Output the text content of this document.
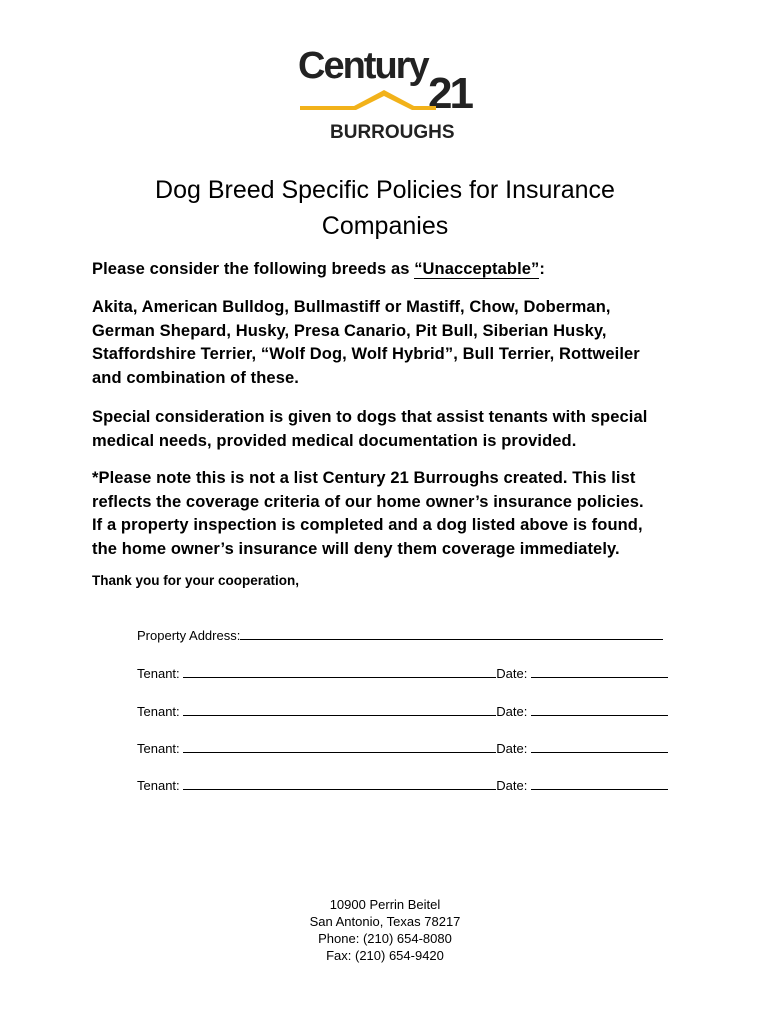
Century
21
BURROUGHS
Dog Breed Specific Policies for Insurance
Companies
Please consider the following breeds as “Unacceptable”:
Akita, American Bulldog, Bullmastiff or Mastiff, Chow, Doberman,
German Shepard, Husky, Presa Canario, Pit Bull, Siberian Husky,
Staffordshire Terrier, “Wolf Dog, Wolf Hybrid”, Bull Terrier, Rottweiler
and combination of these.
Special consideration is given to dogs that assist tenants with special
medical needs, provided medical documentation is provided.
*Please note this is not a list Century 21 Burroughs created. This list
reflects the coverage criteria of our home owner’s insurance policies.
If a property inspection is completed and a dog listed above is found,
the home owner’s insurance will deny them coverage immediately.
Thank you for your cooperation,
Property Address:
Tenant:	Date:
Tenant:	Date:
Tenant:	Date:
Tenant:	Date:
10900 Perrin Beitel
San Antonio, Texas 78217
Phone: (210) 654-8080
Fax: (210) 654-9420
